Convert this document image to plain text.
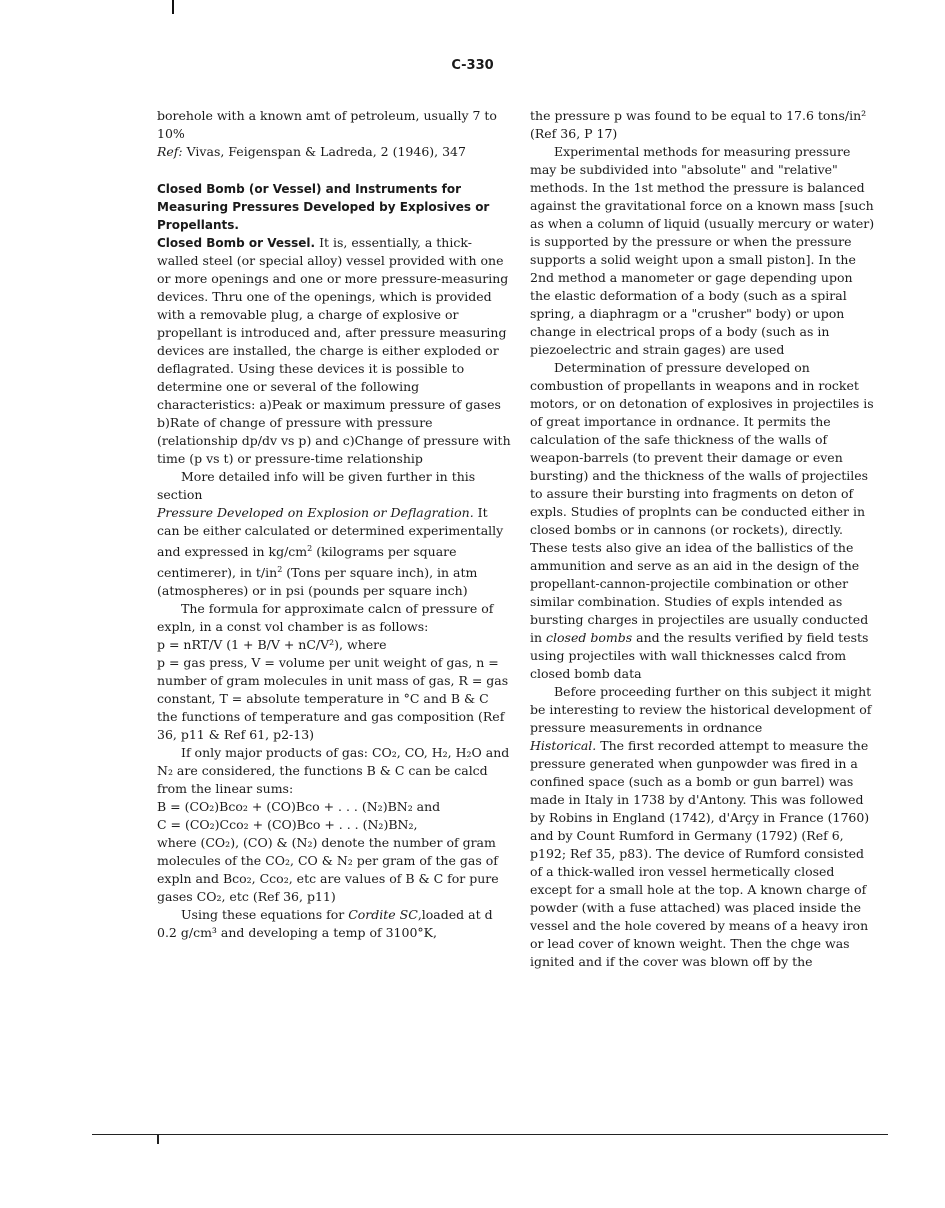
C-330

borehole with a known amt of petroleum, usually 7 to 10%

Ref: Vivas, Feigenspan & Ladreda, 2 (1946), 347

Closed Bomb (or Vessel) and Instruments for Measuring Pressures Developed by Explosives or Propellants.

Closed Bomb or Vessel. It is, essentially, a thick-walled steel (or special alloy) vessel provided with one or more openings and one or more pressure-measuring devices. Thru one of the openings, which is provided with a removable plug, a charge of explosive or propellant is introduced and, after pressure measuring devices are installed, the charge is either exploded or deflagrated. Using these devices it is possible to determine one or several of the following characteristics: a)Peak or maximum pressure of gases b)Rate of change of pressure with pressure (relationship dp/dv vs p) and c)Change of pressure with time (p vs t) or pressure-time relationship

More detailed info will be given further in this section

Pressure Developed on Explosion or Deflagration. It can be either calculated or determined experimentally and expressed in $kg/cm^2$ (kilograms per square centimerer), in $t/in^2$ (Tons per square inch), in atm (atmospheres) or in psi (pounds per square inch)

The formula for approximate calcn of pressure of expln, in a const vol chamber is as follows:

p = nRT/V (1 + B/V + nC/V²), where

p = gas press, V = volume per unit weight of gas, n = number of gram molecules in unit mass of gas, R = gas constant, T = absolute temperature in °C and B & C the functions of temperature and gas composition (Ref 36, p11 & Ref 61, p2-13)

If only major products of gas: CO₂, CO, H₂, H₂O and N₂ are considered, the functions B & C can be calcd from the linear sums:

B = (CO₂)Bco₂ + (CO)Bco + . . . (N₂)BN₂ and

C = (CO₂)Cco₂ + (CO)Bco + . . . (N₂)BN₂,

where (CO₂), (CO) & (N₂) denote the number of gram molecules of the CO₂, CO & N₂ per gram of the gas of expln and Bco₂, Cco₂, etc are values of B & C for pure gases CO₂, etc (Ref 36, p11)

Using these equations for Cordite SC,loaded at d 0.2 g/cm³ and developing a temp of 3100°K,

the pressure p was found to be equal to 17.6 tons/in² (Ref 36, P 17)

Experimental methods for measuring pressure may be subdivided into "absolute" and "relative" methods. In the 1st method the pressure is balanced against the gravitational force on a known mass [such as when a column of liquid (usually mercury or water) is supported by the pressure or when the pressure supports a solid weight upon a small piston]. In the 2nd method a manometer or gage depending upon the elastic deformation of a body (such as a spiral spring, a diaphragm or a "crusher" body) or upon change in electrical props of a body (such as in piezoelectric and strain gages) are used

Determination of pressure developed on combustion of propellants in weapons and in rocket motors, or on detonation of explosives in projectiles is of great importance in ordnance. It permits the calculation of the safe thickness of the walls of weapon-barrels (to prevent their damage or even bursting) and the thickness of the walls of projectiles to assure their bursting into fragments on deton of expls. Studies of proplnts can be conducted either in closed bombs or in cannons (or rockets), directly. These tests also give an idea of the ballistics of the ammunition and serve as an aid in the design of the propellant-cannon-projectile combination or other similar combination. Studies of expls intended as bursting charges in projectiles are usually conducted in closed bombs and the results verified by field tests using projectiles with wall thicknesses calcd from closed bomb data

Before proceeding further on this subject it might be interesting to review the historical development of pressure measurements in ordnance

Historical. The first recorded attempt to measure the pressure generated when gunpowder was fired in a confined space (such as a bomb or gun barrel) was made in Italy in 1738 by d'Antony. This was followed by Robins in England (1742), d'Arçy in France (1760) and by Count Rumford in Germany (1792) (Ref 6, p192; Ref 35, p83). The device of Rumford consisted of a thick-walled iron vessel hermetically closed except for a small hole at the top. A known charge of powder (with a fuse attached) was placed inside the vessel and the hole covered by means of a heavy iron or lead cover of known weight. Then the chge was ignited and if the cover was blown off by the
